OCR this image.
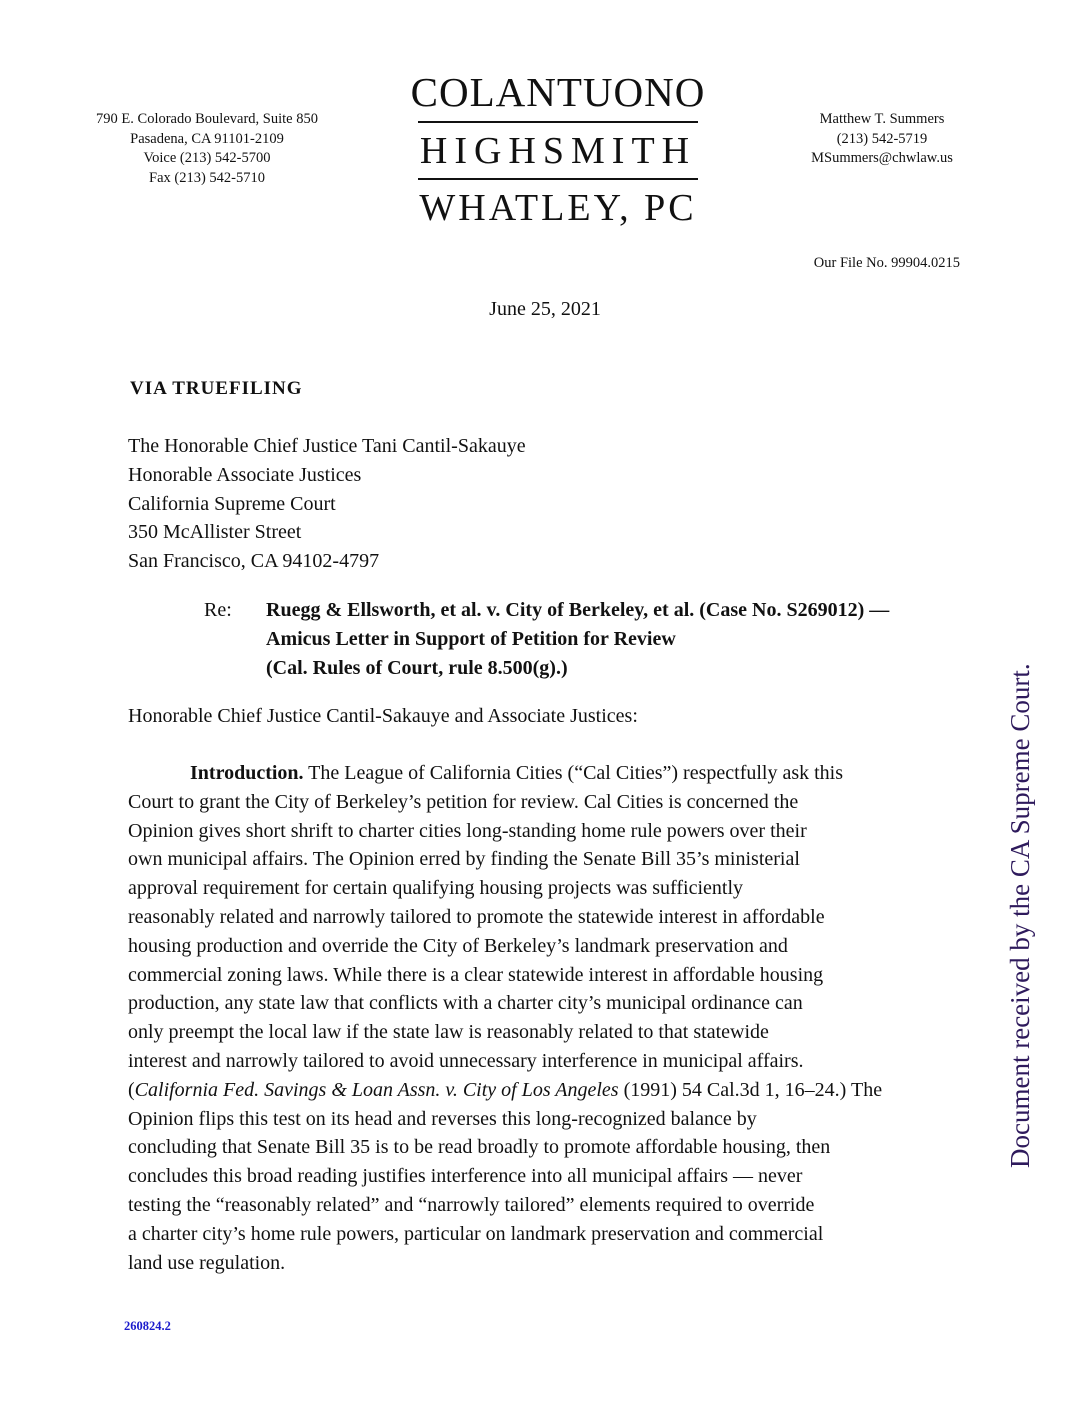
790 E. Colorado Boulevard, Suite 850
Pasadena, CA 91101-2109
Voice (213) 542-5700
Fax (213) 542-5710
COLANTUONO
HIGHSMITH
WHATLEY, PC
Matthew T. Summers
(213) 542-5719
MSummers@chwlaw.us
Our File No. 99904.0215
June 25, 2021
VIA TRUEFILING
The Honorable Chief Justice Tani Cantil-Sakauye
Honorable Associate Justices
California Supreme Court
350 McAllister Street
San Francisco, CA 94102-4797
Re: Ruegg & Ellsworth, et al. v. City of Berkeley, et al. (Case No. S269012) —
Amicus Letter in Support of Petition for Review
(Cal. Rules of Court, rule 8.500(g).)
Honorable Chief Justice Cantil-Sakauye and Associate Justices:
Introduction. The League of California Cities (“Cal Cities”) respectfully ask this
Court to grant the City of Berkeley’s petition for review. Cal Cities is concerned the
Opinion gives short shrift to charter cities long-standing home rule powers over their
own municipal affairs. The Opinion erred by finding the Senate Bill 35’s ministerial
approval requirement for certain qualifying housing projects was sufficiently
reasonably related and narrowly tailored to promote the statewide interest in affordable
housing production and override the City of Berkeley’s landmark preservation and
commercial zoning laws. While there is a clear statewide interest in affordable housing
production, any state law that conflicts with a charter city’s municipal ordinance can
only preempt the local law if the state law is reasonably related to that statewide
interest and narrowly tailored to avoid unnecessary interference in municipal affairs.
(California Fed. Savings & Loan Assn. v. City of Los Angeles (1991) 54 Cal.3d 1, 16–24.) The
Opinion flips this test on its head and reverses this long-recognized balance by
concluding that Senate Bill 35 is to be read broadly to promote affordable housing, then
concludes this broad reading justifies interference into all municipal affairs — never
testing the “reasonably related” and “narrowly tailored” elements required to override
a charter city’s home rule powers, particular on landmark preservation and commercial
land use regulation.
Document received by the CA Supreme Court.
260824.2
